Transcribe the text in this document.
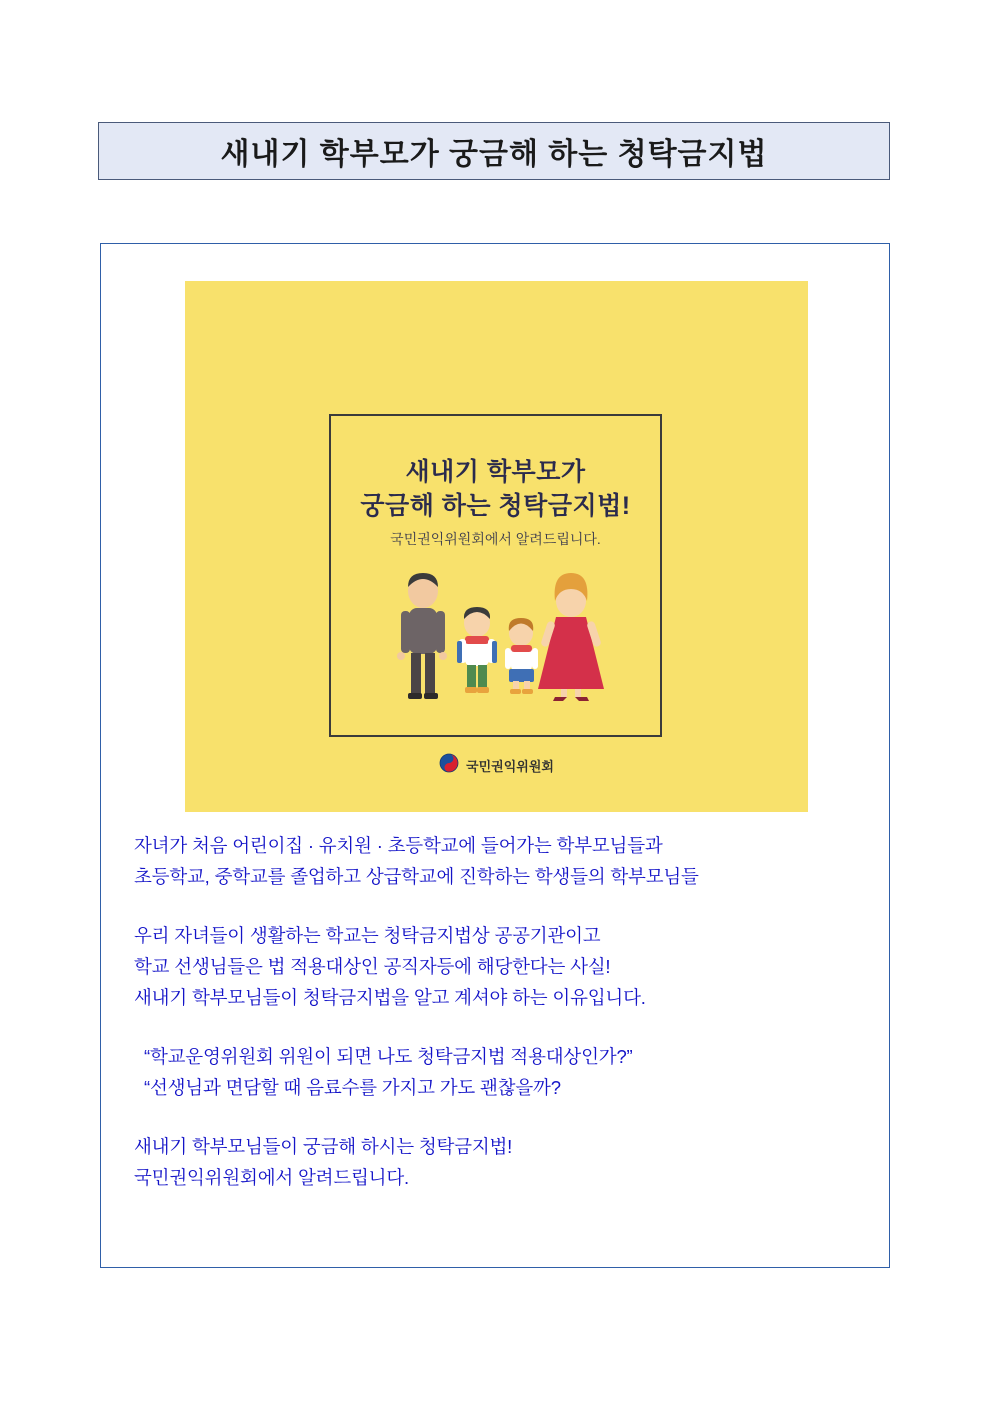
새내기 학부모가 궁금해 하는 청탁금지법
새내기 학부모가
궁금해 하는 청탁금지법!
국민권익위원회에서 알려드립니다.
국민권익위원회

자녀가 처음 어린이집 · 유치원 · 초등학교에 들어가는 학부모님들과

초등학교, 중학교를 졸업하고 상급학교에 진학하는 학생들의 학부모님들

우리 자녀들이 생활하는 학교는 청탁금지법상 공공기관이고

학교 선생님들은 법 적용대상인 공직자등에 해당한다는 사실!

새내기 학부모님들이 청탁금지법을 알고 계셔야 하는 이유입니다.

“학교운영위원회 위원이 되면 나도 청탁금지법 적용대상인가?”

“선생님과 면담할 때 음료수를 가지고 가도 괜찮을까?

새내기 학부모님들이 궁금해 하시는 청탁금지법!

국민권익위원회에서 알려드립니다.
